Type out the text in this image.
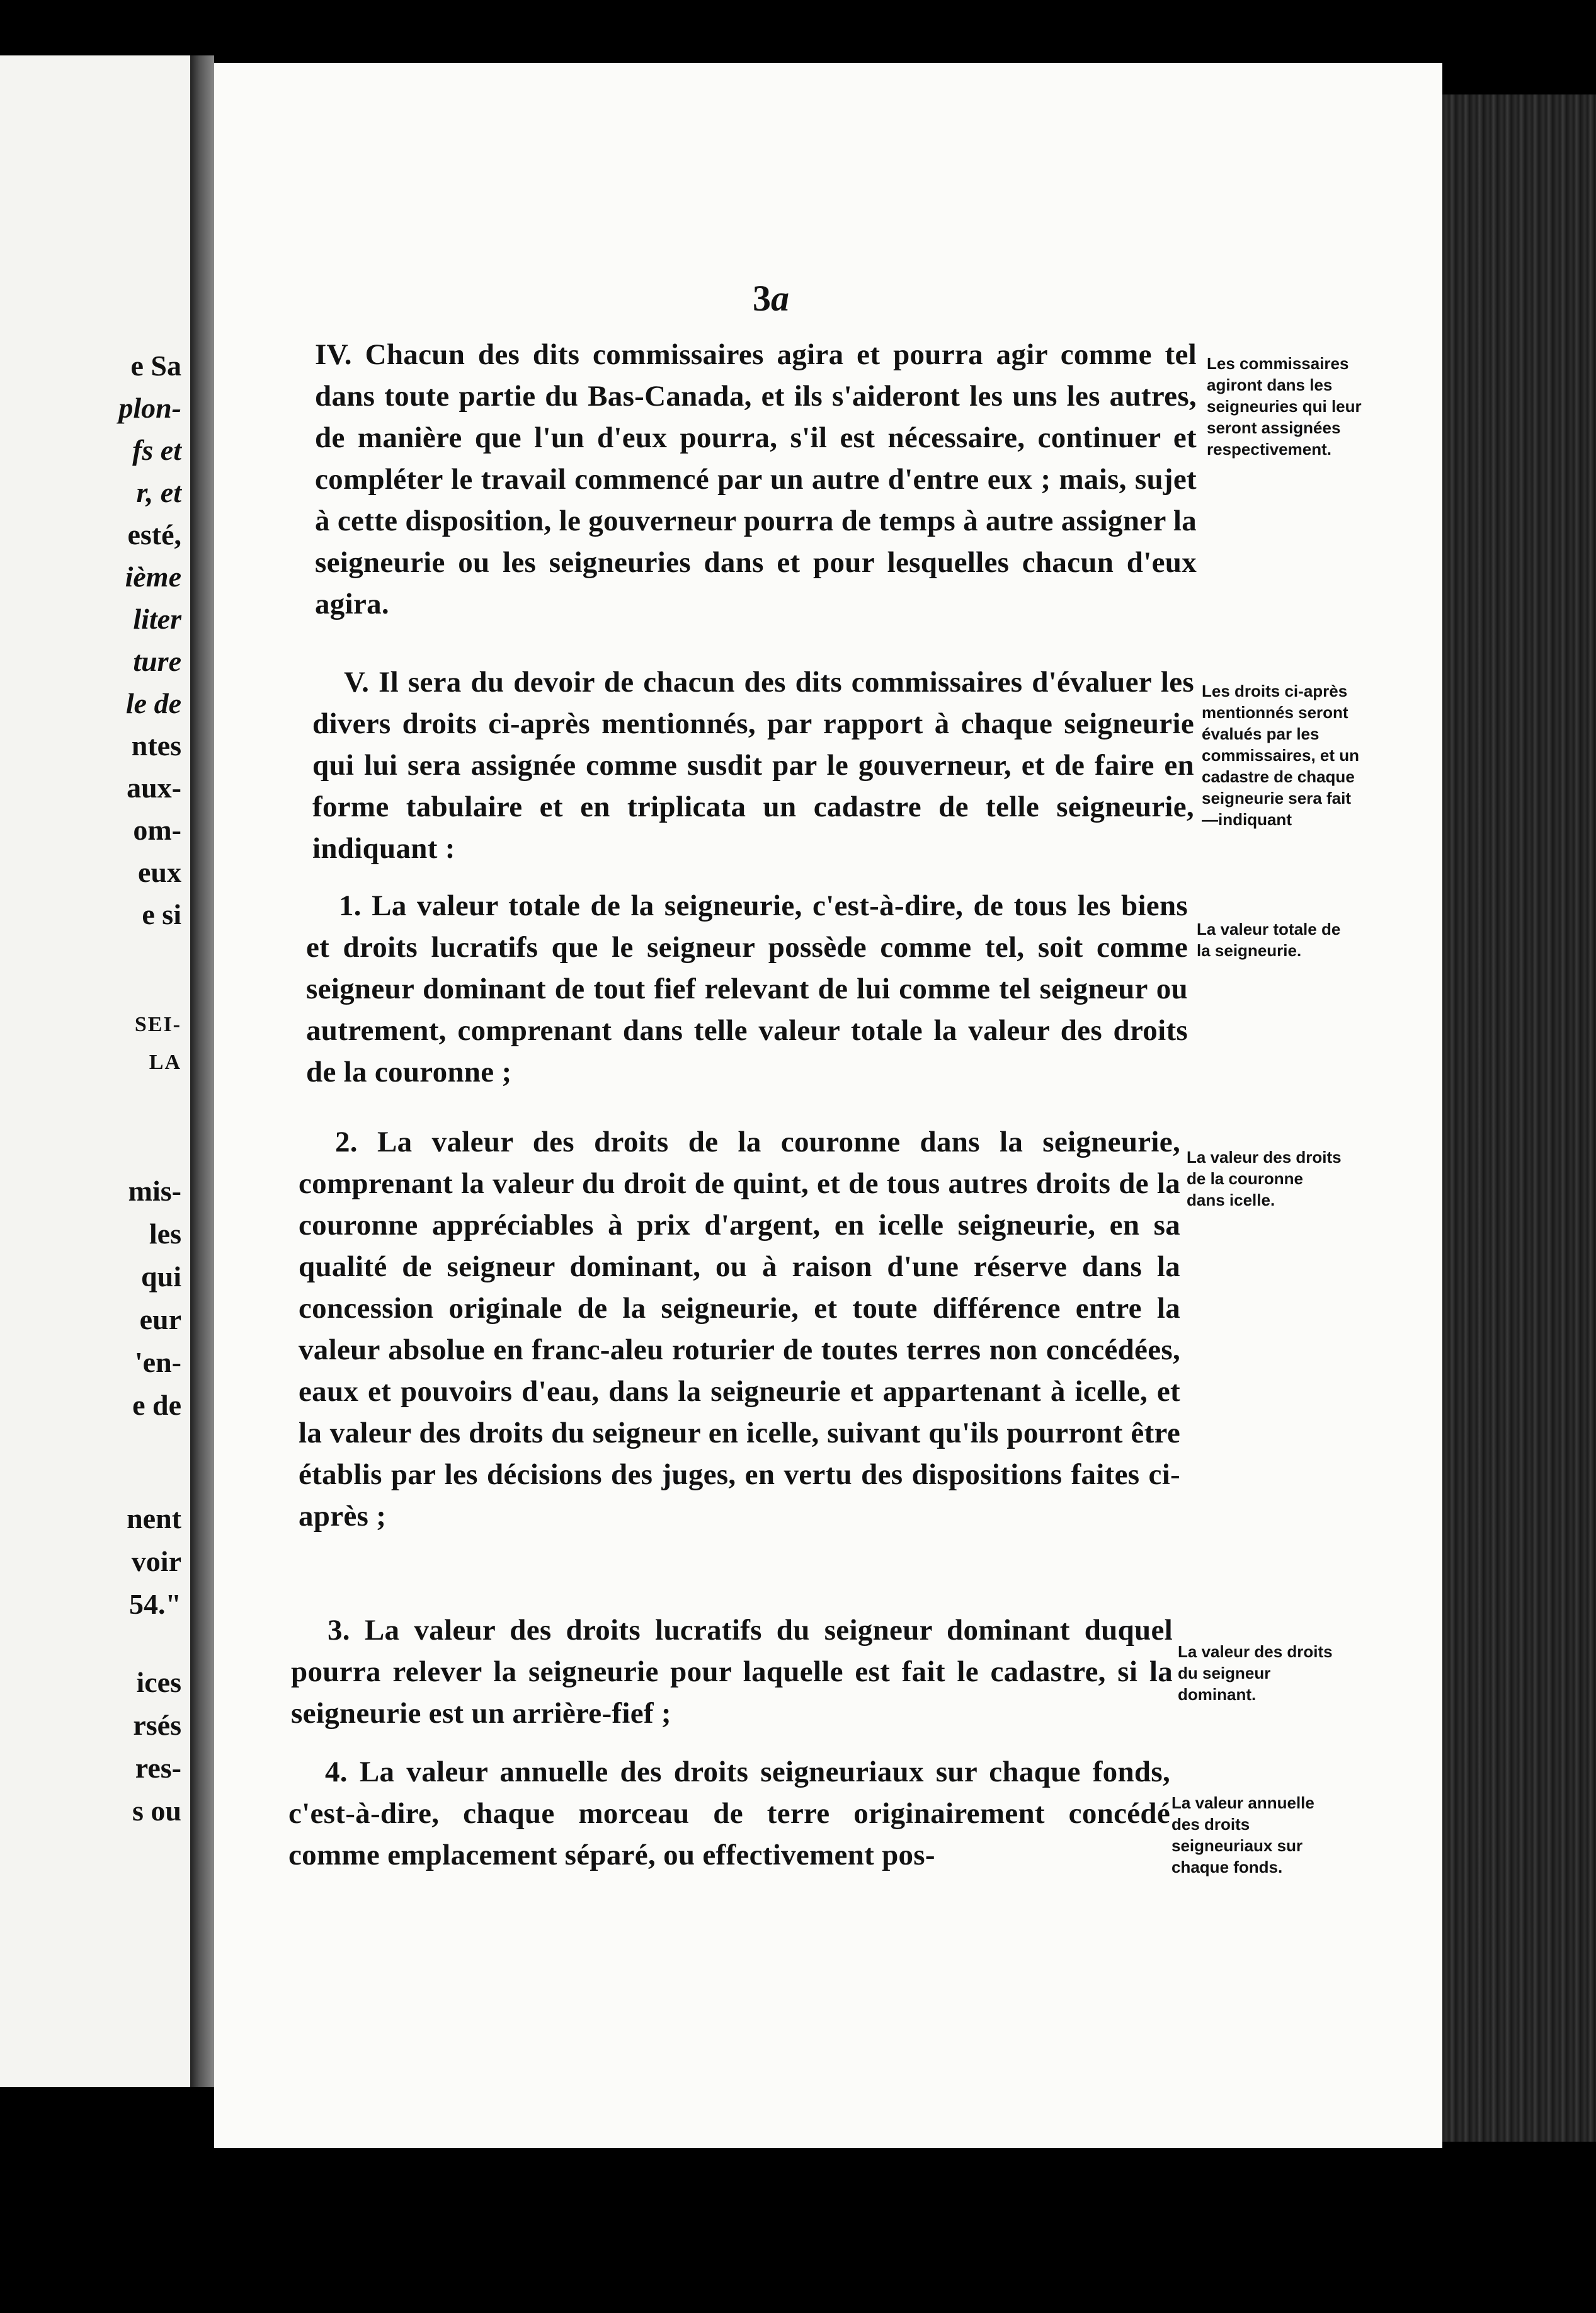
e Sa
plon-
fs et
r, et
esté,
ième
liter
ture
le de
ntes
aux-
om-
eux
e si
SEI-
LA
mis-
les
qui
eur
'en-
e de
nent
voir
54."
ices
rsés
res-
s ou
3a
IV. Chacun des dits commissaires agira et pourra agir comme tel dans toute partie du Bas-Canada, et ils s'aideront les uns les autres, de manière que l'un d'eux pourra, s'il est nécessaire, continuer et compléter le travail commencé par un autre d'entre eux ; mais, sujet à cette disposition, le gouverneur pourra de temps à autre assigner la seigneurie ou les seigneuries dans et pour lesquelles chacun d'eux agira.
Les commissaires agiront dans les seigneuries qui leur seront assignées respectivement.
V. Il sera du devoir de chacun des dits commissaires d'évaluer les divers droits ci-après mentionnés, par rapport à chaque seigneurie qui lui sera assignée comme susdit par le gouverneur, et de faire en forme tabulaire et en triplicata un cadastre de telle seigneurie, indiquant :
Les droits ci-après mentionnés seront évalués par les commissaires, et un cadastre de chaque seigneurie sera fait—indiquant
1. La valeur totale de la seigneurie, c'est-à-dire, de tous les biens et droits lucratifs que le seigneur possède comme tel, soit comme seigneur dominant de tout fief relevant de lui comme tel seigneur ou autrement, comprenant dans telle valeur totale la valeur des droits de la couronne ;
La valeur totale de la seigneurie.
2. La valeur des droits de la couronne dans la seigneurie, comprenant la valeur du droit de quint, et de tous autres droits de la couronne appréciables à prix d'argent, en icelle seigneurie, en sa qualité de seigneur dominant, ou à raison d'une réserve dans la concession originale de la seigneurie, et toute différence entre la valeur absolue en franc-aleu roturier de toutes terres non concédées, eaux et pouvoirs d'eau, dans la seigneurie et appartenant à icelle, et la valeur des droits du seigneur en icelle, suivant qu'ils pourront être établis par les décisions des juges, en vertu des dispositions faites ci-après ;
La valeur des droits de la couronne dans icelle.
3. La valeur des droits lucratifs du seigneur dominant duquel pourra relever la seigneurie pour laquelle est fait le cadastre, si la seigneurie est un arrière-fief ;
La valeur des droits du seigneur dominant.
4. La valeur annuelle des droits seigneuriaux sur chaque fonds, c'est-à-dire, chaque morceau de terre originairement concédé comme emplacement séparé, ou effectivement pos-
La valeur annuelle des droits seigneuriaux sur chaque fonds.
